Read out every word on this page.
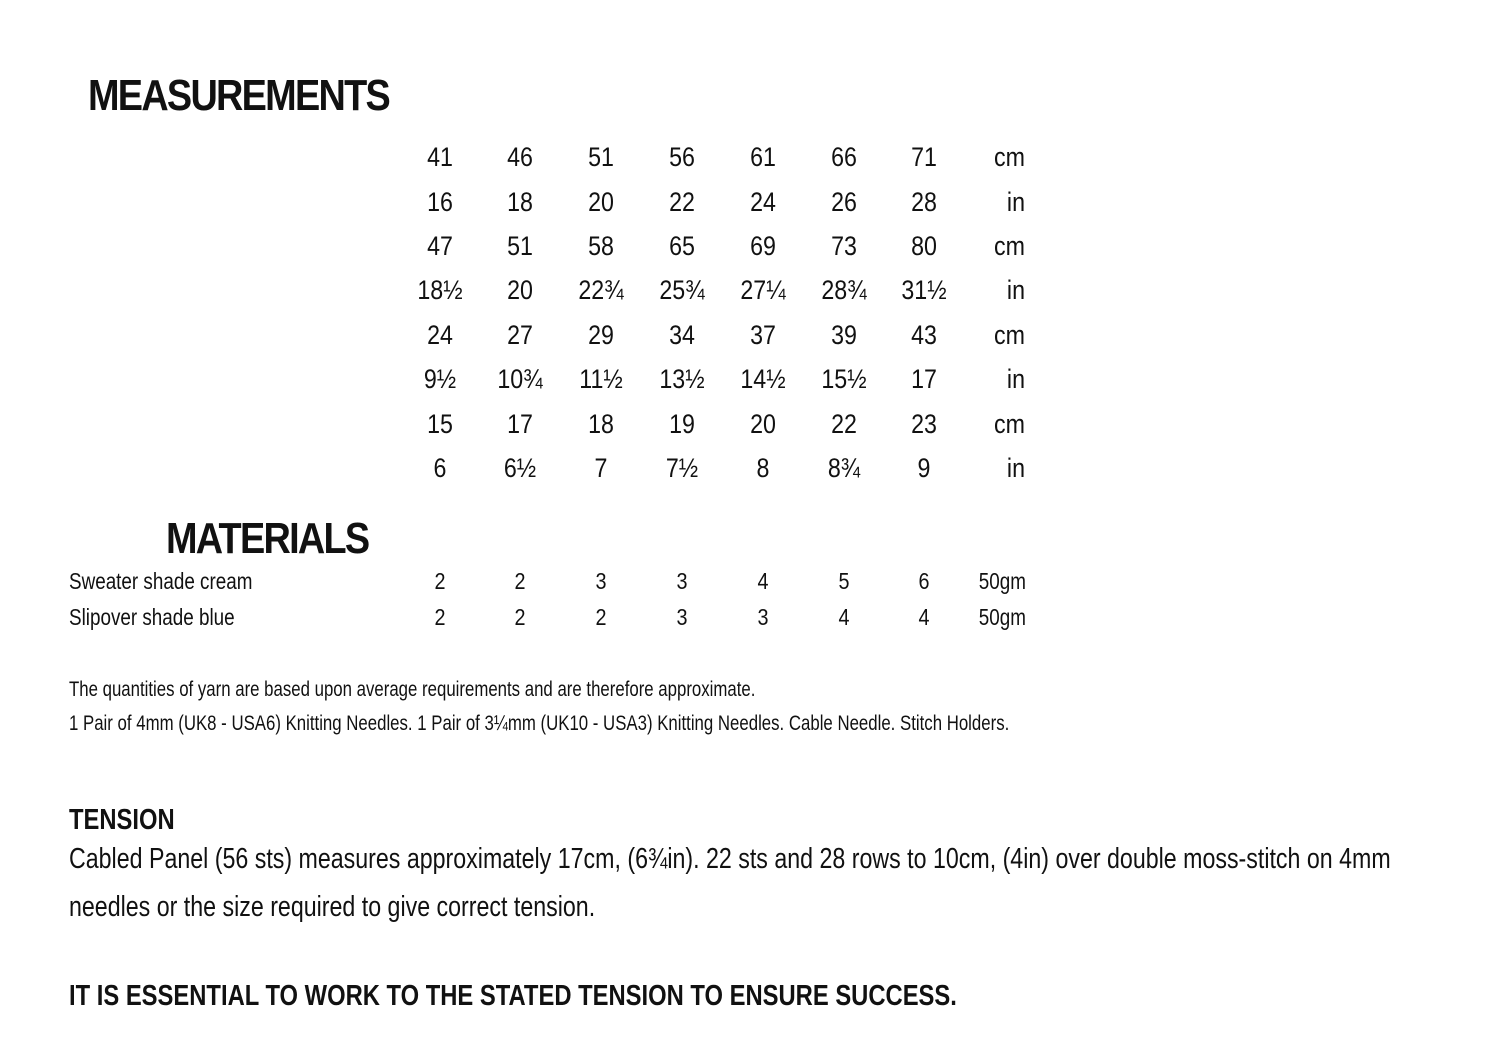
MEASUREMENTS
41	46	51	56	61	66	71	cm
16	18	20	22	24	26	28	in
47	51	58	65	69	73	80	cm
18½	20	22¾ 25¾ 27¼ 28¾ 31½	in
24	27	29	34	37	39	43	cm
9½	10¾	11½	13½ 14½ 15½	17	in
15	17	18	19	20	22	23	cm
6	6½	7	7½	8	8¾	9	in
MATERIALS
Sweater shade cream	2	2	3	3	4	5	6	50gm
Slipover shade blue	2	2	2	3	3	4	4	50gm
The quantities of yarn are based upon average requirements and are therefore approximate.
1 Pair of 4mm (UK8 - USA6) Knitting Needles. 1 Pair of 3¼mm (UK10 - USA3) Knitting Needles. Cable Needle. Stitch Holders.
TENSION
Cabled Panel (56 sts) measures approximately 17cm, (6¾in). 22 sts and 28 rows to 10cm, (4in) over double moss-stitch on 4mm
needles or the size required to give correct tension.
IT IS ESSENTIAL TO WORK TO THE STATED TENSION TO ENSURE SUCCESS.
